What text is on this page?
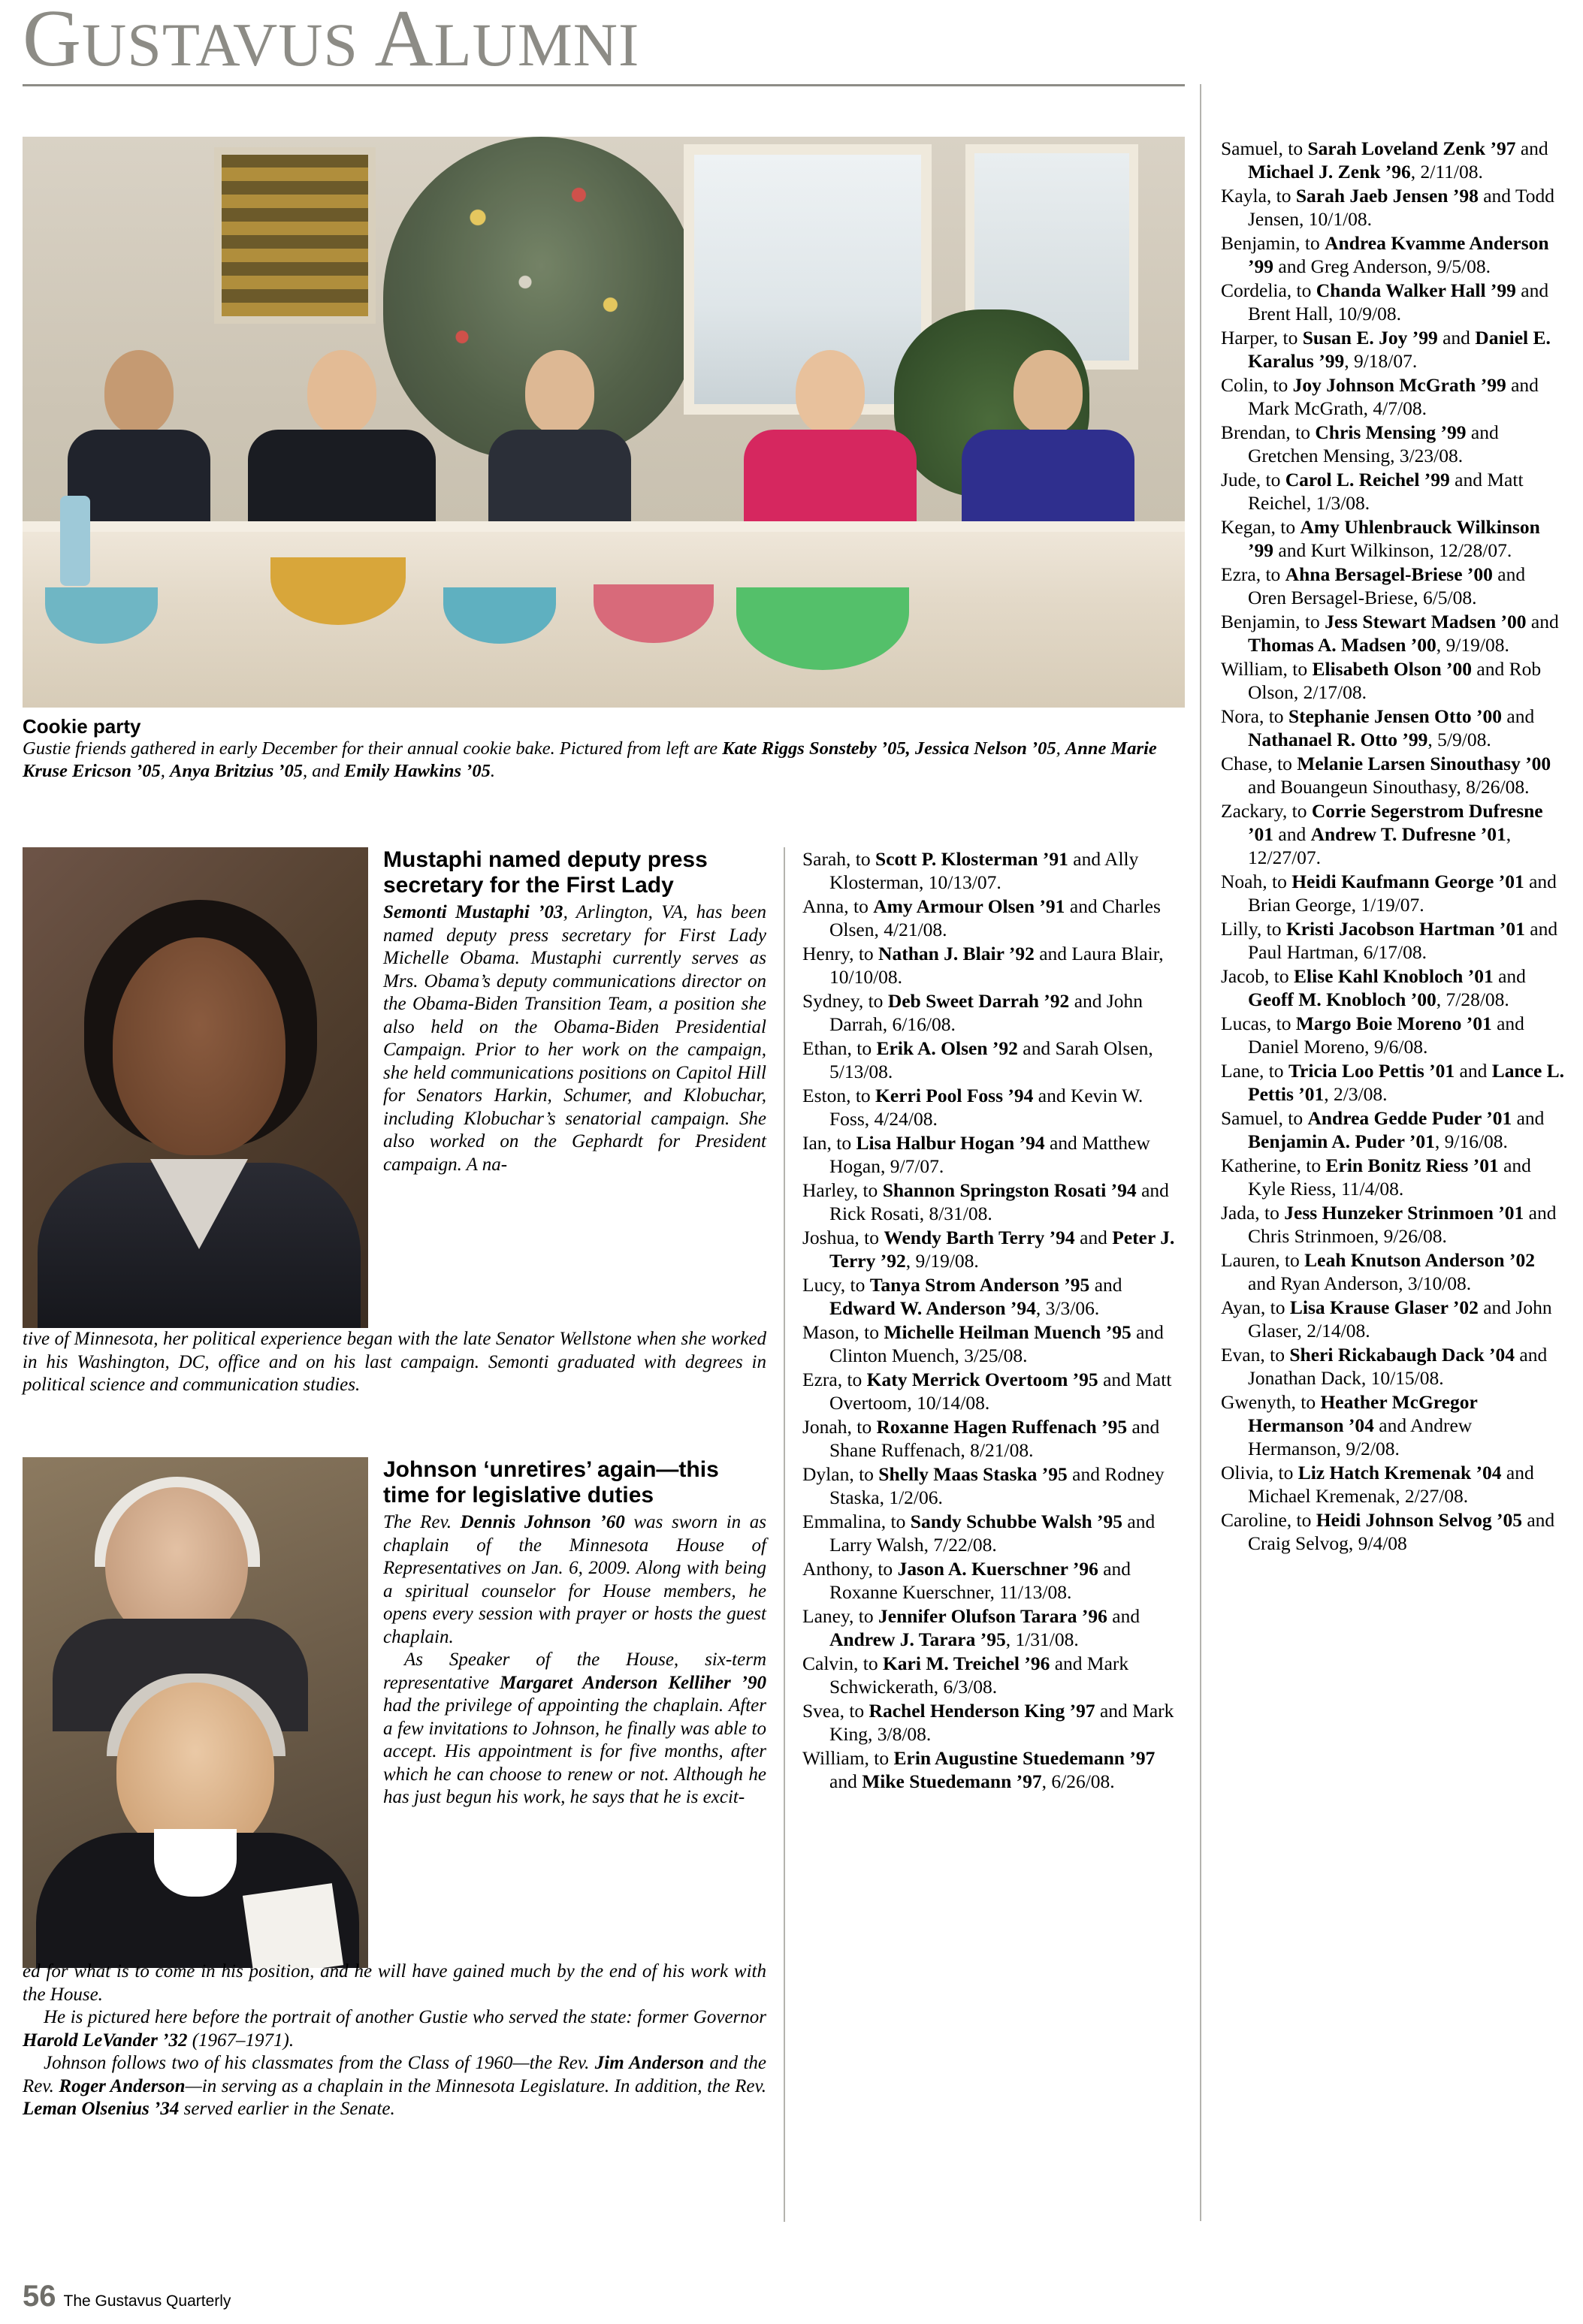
GUSTAVUS ALUMNI
Cookie party
Gustie friends gathered in early December for their annual cookie bake. Pictured from left are Kate Riggs Sonsteby ’05, Jessica Nelson ’05, Anne Marie Kruse Ericson ’05, Anya Britzius ’05, and Emily Hawkins ’05.
Mustaphi named deputy press secretary for the First Lady
Semonti Mustaphi ’03, Arlington, VA, has been named deputy press secretary for First Lady Michelle Obama. Mustaphi currently serves as Mrs. Obama’s deputy communications director on the Obama-Biden Transition Team, a position she also held on the Obama-Biden Presidential Campaign. Prior to her work on the campaign, she held communications positions on Capitol Hill for Senators Harkin, Schumer, and Klobuchar, including Klobuchar’s senatorial campaign. She also worked on the Gephardt for President campaign. A na-
tive of Minnesota, her political experience began with the late Senator Wellstone when she worked in his Washington, DC, office and on his last campaign. Semonti graduated with degrees in political science and communication studies.
Johnson ‘unretires’ again—this time for legislative duties
The Rev. Dennis Johnson ’60 was sworn in as chaplain of the Minnesota House of Representatives on Jan. 6, 2009. Along with being a spiritual counselor for House members, he opens every session with prayer or hosts the guest chaplain.
As Speaker of the House, six-term representative Margaret Anderson Kelliher ’90 had the privilege of appointing the chaplain. After a few invitations to Johnson, he finally was able to accept. His appointment is for five months, after which he can choose to renew or not. Although he has just begun his work, he says that he is excit-
ed for what is to come in his position, and he will have gained much by the end of his work with the House.
He is pictured here before the portrait of another Gustie who served the state: former Governor Harold LeVander ’32 (1967–1971).
Johnson follows two of his classmates from the Class of 1960—the Rev. Jim Anderson and the Rev. Roger Anderson—in serving as a chaplain in the Minnesota Legislature. In addition, the Rev. Leman Olsenius ’34 served earlier in the Senate.
Sarah, to Scott P. Klosterman ’91 and Ally Klosterman, 10/13/07.
Anna, to Amy Armour Olsen ’91 and Charles Olsen, 4/21/08.
Henry, to Nathan J. Blair ’92 and Laura Blair, 10/10/08.
Sydney, to Deb Sweet Darrah ’92 and John Darrah, 6/16/08.
Ethan, to Erik A. Olsen ’92 and Sarah Olsen, 5/13/08.
Eston, to Kerri Pool Foss ’94 and Kevin W. Foss, 4/24/08.
Ian, to Lisa Halbur Hogan ’94 and Matthew Hogan, 9/7/07.
Harley, to Shannon Springston Rosati ’94 and Rick Rosati, 8/31/08.
Joshua, to Wendy Barth Terry ’94 and Peter J. Terry ’92, 9/19/08.
Lucy, to Tanya Strom Anderson ’95 and Edward W. Anderson ’94, 3/3/06.
Mason, to Michelle Heilman Muench ’95 and Clinton Muench, 3/25/08.
Ezra, to Katy Merrick Overtoom ’95 and Matt Overtoom, 10/14/08.
Jonah, to Roxanne Hagen Ruffenach ’95 and Shane Ruffenach, 8/21/08.
Dylan, to Shelly Maas Staska ’95 and Rodney Staska, 1/2/06.
Emmalina, to Sandy Schubbe Walsh ’95 and Larry Walsh, 7/22/08.
Anthony, to Jason A. Kuerschner ’96 and Roxanne Kuerschner, 11/13/08.
Laney, to Jennifer Olufson Tarara ’96 and Andrew J. Tarara ’95, 1/31/08.
Calvin, to Kari M. Treichel ’96 and Mark Schwickerath, 6/3/08.
Svea, to Rachel Henderson King ’97 and Mark King, 3/8/08.
William, to Erin Augustine Stuedemann ’97 and Mike Stuedemann ’97, 6/26/08.
Samuel, to Sarah Loveland Zenk ’97 and Michael J. Zenk ’96, 2/11/08.
Kayla, to Sarah Jaeb Jensen ’98 and Todd Jensen, 10/1/08.
Benjamin, to Andrea Kvamme Anderson ’99 and Greg Anderson, 9/5/08.
Cordelia, to Chanda Walker Hall ’99 and Brent Hall, 10/9/08.
Harper, to Susan E. Joy ’99 and Daniel E. Karalus ’99, 9/18/07.
Colin, to Joy Johnson McGrath ’99 and Mark McGrath, 4/7/08.
Brendan, to Chris Mensing ’99 and Gretchen Mensing, 3/23/08.
Jude, to Carol L. Reichel ’99 and Matt Reichel, 1/3/08.
Kegan, to Amy Uhlenbrauck Wilkinson ’99 and Kurt Wilkinson, 12/28/07.
Ezra, to Ahna Bersagel-Briese ’00 and Oren Bersagel-Briese, 6/5/08.
Benjamin, to Jess Stewart Madsen ’00 and Thomas A. Madsen ’00, 9/19/08.
William, to Elisabeth Olson ’00 and Rob Olson, 2/17/08.
Nora, to Stephanie Jensen Otto ’00 and Nathanael R. Otto ’99, 5/9/08.
Chase, to Melanie Larsen Sinouthasy ’00 and Bouangeun Sinouthasy, 8/26/08.
Zackary, to Corrie Segerstrom Dufresne ’01 and Andrew T. Dufresne ’01, 12/27/07.
Noah, to Heidi Kaufmann George ’01 and Brian George, 1/19/07.
Lilly, to Kristi Jacobson Hartman ’01 and Paul Hartman, 6/17/08.
Jacob, to Elise Kahl Knobloch ’01 and Geoff M. Knobloch ’00, 7/28/08.
Lucas, to Margo Boie Moreno ’01 and Daniel Moreno, 9/6/08.
Lane, to Tricia Loo Pettis ’01 and Lance L. Pettis ’01, 2/3/08.
Samuel, to Andrea Gedde Puder ’01 and Benjamin A. Puder ’01, 9/16/08.
Katherine, to Erin Bonitz Riess ’01 and Kyle Riess, 11/4/08.
Jada, to Jess Hunzeker Strinmoen ’01 and Chris Strinmoen, 9/26/08.
Lauren, to Leah Knutson Anderson ’02 and Ryan Anderson, 3/10/08.
Ayan, to Lisa Krause Glaser ’02 and John Glaser, 2/14/08.
Evan, to Sheri Rickabaugh Dack ’04 and Jonathan Dack, 10/15/08.
Gwenyth, to Heather McGregor Hermanson ’04 and Andrew Hermanson, 9/2/08.
Olivia, to Liz Hatch Kremenak ’04 and Michael Kremenak, 2/27/08.
Caroline, to Heidi Johnson Selvog ’05 and Craig Selvog, 9/4/08
56 The Gustavus Quarterly
